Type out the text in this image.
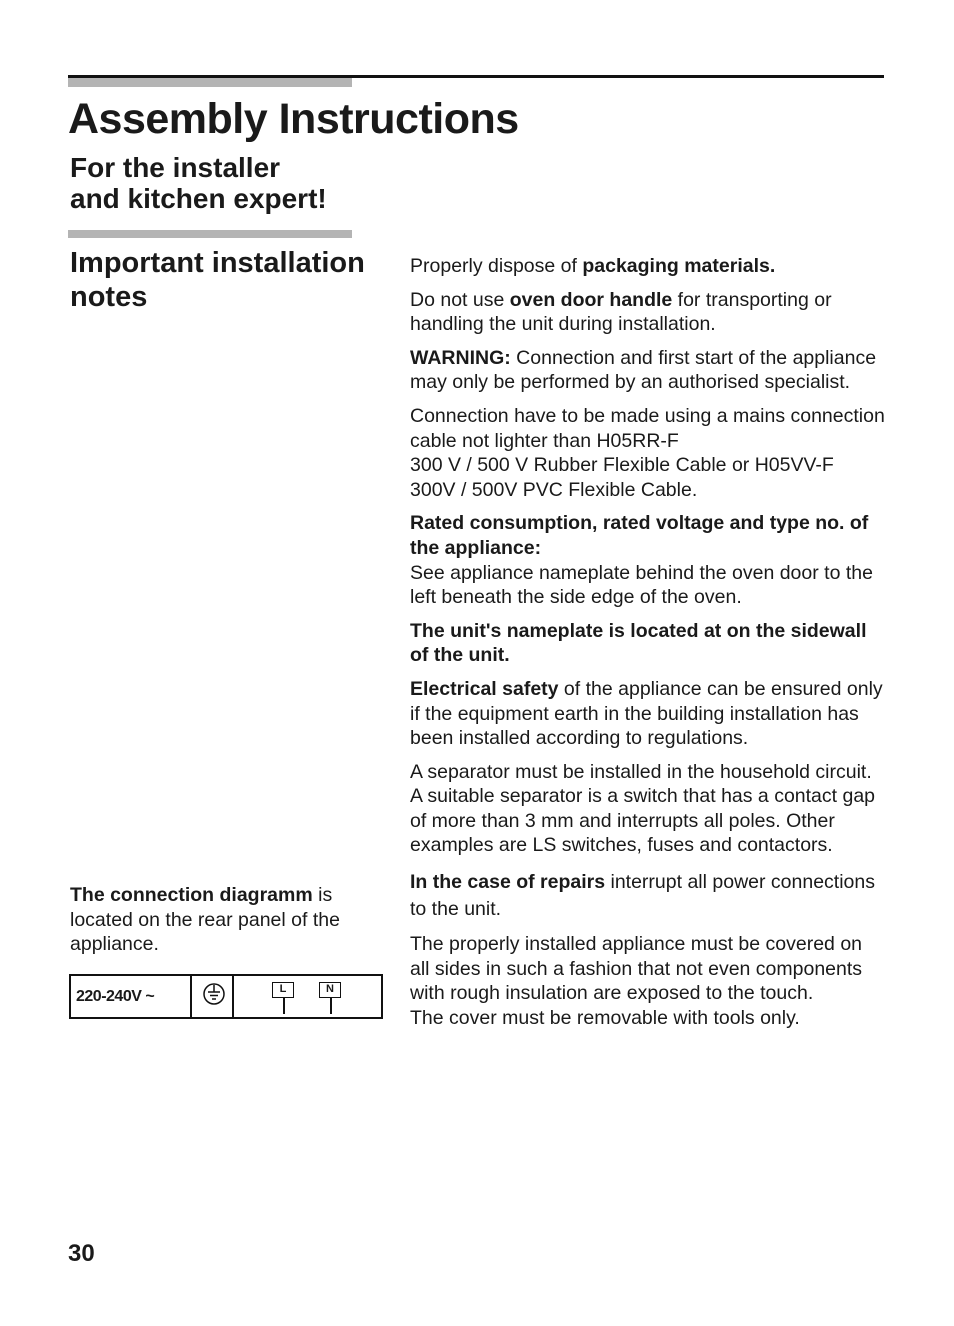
Assembly Instructions
For the installer
and kitchen expert!
Important installation
notes

Properly dispose of packaging materials.

Do not use oven door handle for transporting or handling the unit during installation.

WARNING: Connection and first start of the appliance may only be performed by an authorised specialist.

Connection have to be made using a mains connection cable not lighter than H05RR-F
300 V / 500 V Rubber Flexible Cable or H05VV-F
300V / 500V PVC Flexible Cable.

Rated consumption, rated voltage and type no. of the appliance:
See appliance nameplate behind the oven door to the left beneath the side edge of the oven.

The unit's nameplate is located at on the sidewall of the unit.

Electrical safety of the appliance can be ensured only if the equipment earth in the building installation has been installed according to regulations.

A separator must be installed in the household circuit. A suitable separator is a switch that has a contact gap of more than 3 mm and interrupts all poles. Other examples are LS switches, fuses and contactors.

In the case of repairs interrupt all power connections to the unit.

The properly installed appliance must be covered on all sides in such a fashion that not even components with rough insulation are exposed to the touch.
The cover must be removable with tools only.

The connection diagramm is located on the rear panel of the appliance.

220-240V ~	L	N
30
